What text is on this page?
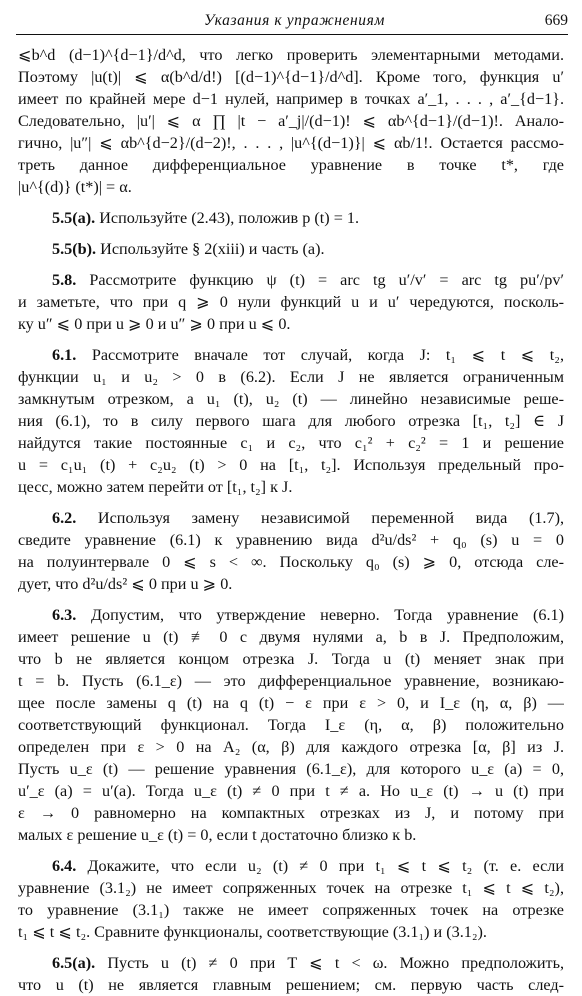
Указания к упражнениям	669
⩽b^d (d−1)^{d−1}/d^d, что легко проверить элементарными методами.
Поэтому |u(t)| ⩽ α(b^d/d!) [(d−1)^{d−1}/d^d]. Кроме того, функция u′
имеет по крайней мере d−1 нулей, например в точках a′_1, . . . , a′_{d−1}.
Следовательно, |u′| ⩽ α ∏ |t − a′_j|/(d−1)! ⩽ αb^{d−1}/(d−1)!. Анало-
гично, |u″| ⩽ αb^{d−2}/(d−2)!, . . . , |u^{(d−1)}| ⩽ αb/1!. Остается рассмо-
треть данное дифференциальное уравнение в точке t*, где
|u^{(d)} (t*)| = α.
5.5(a). Используйте (2.43), положив p (t) = 1.
5.5(b). Используйте § 2(xiii) и часть (a).
5.8. Рассмотрите функцию ψ (t) = arc tg u′/v′ = arc tg pu′/pv′
и заметьте, что при q ⩾ 0 нули функций u и u′ чередуются, посколь-
ку u″ ⩽ 0 при u ⩾ 0 и u″ ⩾ 0 при u ⩽ 0.
6.1. Рассмотрите вначале тот случай, когда J: t₁ ⩽ t ⩽ t₂,
функции u₁ и u₂ > 0 в (6.2). Если J не является ограниченным
замкнутым отрезком, а u₁ (t), u₂ (t) — линейно независимые реше-
ния (6.1), то в силу первого шага для любого отрезка [t₁, t₂] ∈ J
найдутся такие постоянные c₁ и c₂, что c₁² + c₂² = 1 и решение
u = c₁u₁ (t) + c₂u₂ (t) > 0 на [t₁, t₂]. Используя предельный про-
цесс, можно затем перейти от [t₁, t₂] к J.
6.2. Используя замену независимой переменной вида (1.7),
сведите уравнение (6.1) к уравнению вида d²u/ds² + q₀ (s) u = 0
на полуинтервале 0 ⩽ s < ∞. Поскольку q₀ (s) ⩾ 0, отсюда сле-
дует, что d²u/ds² ⩽ 0 при u ⩾ 0.
6.3. Допустим, что утверждение неверно. Тогда уравнение (6.1)
имеет решение u (t) ≢ 0 с двумя нулями a, b в J. Предположим,
что b не является концом отрезка J. Тогда u (t) меняет знак при
t = b. Пусть (6.1_ε) — это дифференциальное уравнение, возникаю-
щее после замены q (t) на q (t) − ε при ε > 0, и I_ε (η, α, β) —
соответствующий функционал. Тогда I_ε (η, α, β) положительно
определен при ε > 0 на A₂ (α, β) для каждого отрезка [α, β] из J.
Пусть u_ε (t) — решение уравнения (6.1_ε), для которого u_ε (a) = 0,
u′_ε (a) = u′(a). Тогда u_ε (t) ≠ 0 при t ≠ a. Но u_ε (t) → u (t) при
ε → 0 равномерно на компактных отрезках из J, и потому при
малых ε решение u_ε (t) = 0, если t достаточно близко к b.
6.4. Докажите, что если u₂ (t) ≠ 0 при t₁ ⩽ t ⩽ t₂ (т. е. если
уравнение (3.1₂) не имеет сопряженных точек на отрезке t₁ ⩽ t ⩽ t₂),
то уравнение (3.1₁) также не имеет сопряженных точек на отрезке
t₁ ⩽ t ⩽ t₂. Сравните функционалы, соответствующие (3.1₁) и (3.1₂).
6.5(a). Пусть u (t) ≠ 0 при T ⩽ t < ω. Можно предположить,
что u (t) не является главным решением; см. первую часть след-
